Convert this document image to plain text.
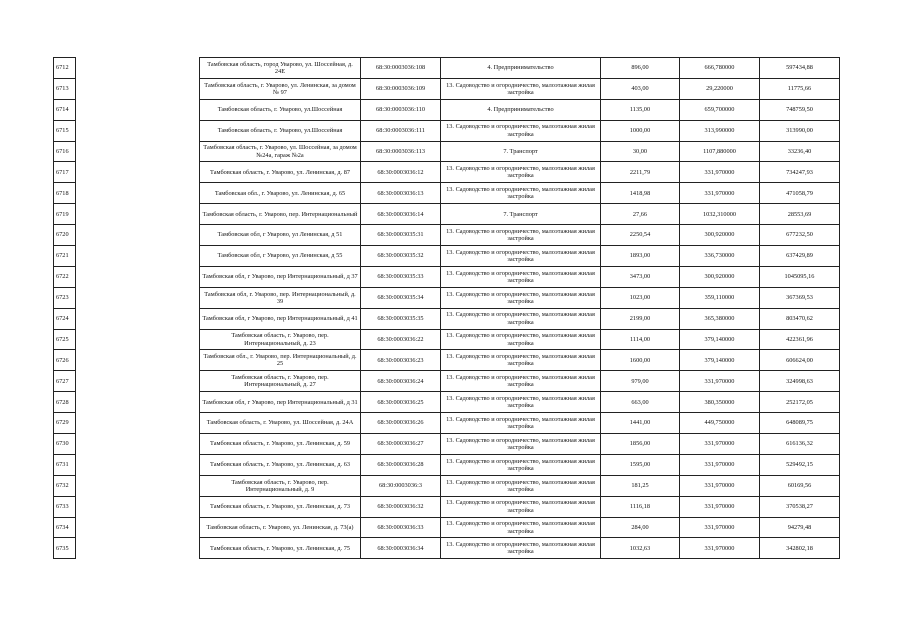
6712		Тамбовская область, город Уварово, ул. Шоссейная, д. 24Е	68:30:0003036:108	4. Предпринимательство	896,00	666,780000	597434,88

6713		Тамбовская область, г. Уварово, ул. Ленинская, за домом № 97	68:30:0003036:109	13. Садоводство и огородничество, малоэтажная жилая застройка	403,00	29,220000	11775,66

6714		Тамбовская область, г. Уварово, ул.Шоссейная	68:30:0003036:110	4. Предпринимательство	1135,00	659,700000	748759,50

6715		Тамбовская область, г. Уварово, ул.Шоссейная	68:30:0003036:111	13. Садоводство и огородничество, малоэтажная жилая застройка	1000,00	313,990000	313990,00

6716		Тамбовская область, г. Уварово, ул. Шоссейная, за домом №24а, гараж №2а	68:30:0003036:113	7. Транспорт	30,00	1107,880000	33236,40

6717		Тамбовская область, г. Уварово, ул. Ленинская, д. 87	68:30:0003036:12	13. Садоводство и огородничество, малоэтажная жилая застройка	2211,79	331,970000	734247,93

6718		Тамбовская обл., г. Уварово, ул. Ленинская, д. 65	68:30:0003036:13	13. Садоводство и огородничество, малоэтажная жилая застройка	1418,98	331,970000	471058,79

6719		Тамбовская область, г. Уварово, пер. Интернациональный	68:30:0003036:14	7. Транспорт	27,66	1032,310000	28553,69

6720		Тамбовская обл, г Уварово, ул Ленинская, д 51	68:30:0003035:31	13. Садоводство и огородничество, малоэтажная жилая застройка	2250,54	300,920000	677232,50

6721		Тамбовская обл, г Уварово, ул Ленинская, д 55	68:30:0003035:32	13. Садоводство и огородничество, малоэтажная жилая застройка	1893,00	336,730000	637429,89

6722		Тамбовская обл, г Уварово, пер Интернациональный, д 37	68:30:0003035:33	13. Садоводство и огородничество, малоэтажная жилая застройка	3473,00	300,920000	1045095,16

6723		Тамбовская обл, г. Уварово, пер. Интернациональный, д. 39	68:30:0003035:34	13. Садоводство и огородничество, малоэтажная жилая застройка	1023,00	359,110000	367369,53

6724		Тамбовская обл, г Уварово, пер Интернациональный, д 41	68:30:0003035:35	13. Садоводство и огородничество, малоэтажная жилая застройка	2199,00	365,380000	803470,62

6725		Тамбовская область, г. Уварово, пер. Интернациональный, д. 23	68:30:0003036:22	13. Садоводство и огородничество, малоэтажная жилая застройка	1114,00	379,140000	422361,96

6726		Тамбовская обл., г. Уварово, пер. Интернациональный, д. 25	68:30:0003036:23	13. Садоводство и огородничество, малоэтажная жилая застройка	1600,00	379,140000	606624,00

6727		Тамбовская область, г. Уварово, пер. Интернациональный, д. 27	68:30:0003036:24	13. Садоводство и огородничество, малоэтажная жилая застройка	979,00	331,970000	324998,63

6728		Тамбовская обл, г Уварово, пер Интернациональный, д 31	68:30:0003036:25	13. Садоводство и огородничество, малоэтажная жилая застройка	663,00	380,350000	252172,05

6729		Тамбовская область, г. Уварово, ул. Шоссейная, д. 24А	68:30:0003036:26	13. Садоводство и огородничество, малоэтажная жилая застройка	1441,00	449,750000	648089,75

6730		Тамбовская область, г. Уварово, ул. Ленинская, д. 59	68:30:0003036:27	13. Садоводство и огородничество, малоэтажная жилая застройка	1856,00	331,970000	616136,32

6731		Тамбовская область, г. Уварово, ул. Ленинская, д. 63	68:30:0003036:28	13. Садоводство и огородничество, малоэтажная жилая застройка	1595,00	331,970000	529492,15

6732		Тамбовская область, г. Уварово, пер. Интернациональный, д. 9	68:30:0003036:3	13. Садоводство и огородничество, малоэтажная жилая застройка	181,25	331,970000	60169,56

6733		Тамбовская область, г. Уварово, ул. Ленинская, д. 73	68:30:0003036:32	13. Садоводство и огородничество, малоэтажная жилая застройка	1116,18	331,970000	370538,27

6734		Тамбовская область, г. Уварово, ул. Ленинская, д. 73(а)	68:30:0003036:33	13. Садоводство и огородничество, малоэтажная жилая застройка	284,00	331,970000	94279,48

6735		Тамбовская область, г. Уварово, ул. Ленинская, д. 75	68:30:0003036:34	13. Садоводство и огородничество, малоэтажная жилая застройка	1032,63	331,970000	342802,18
